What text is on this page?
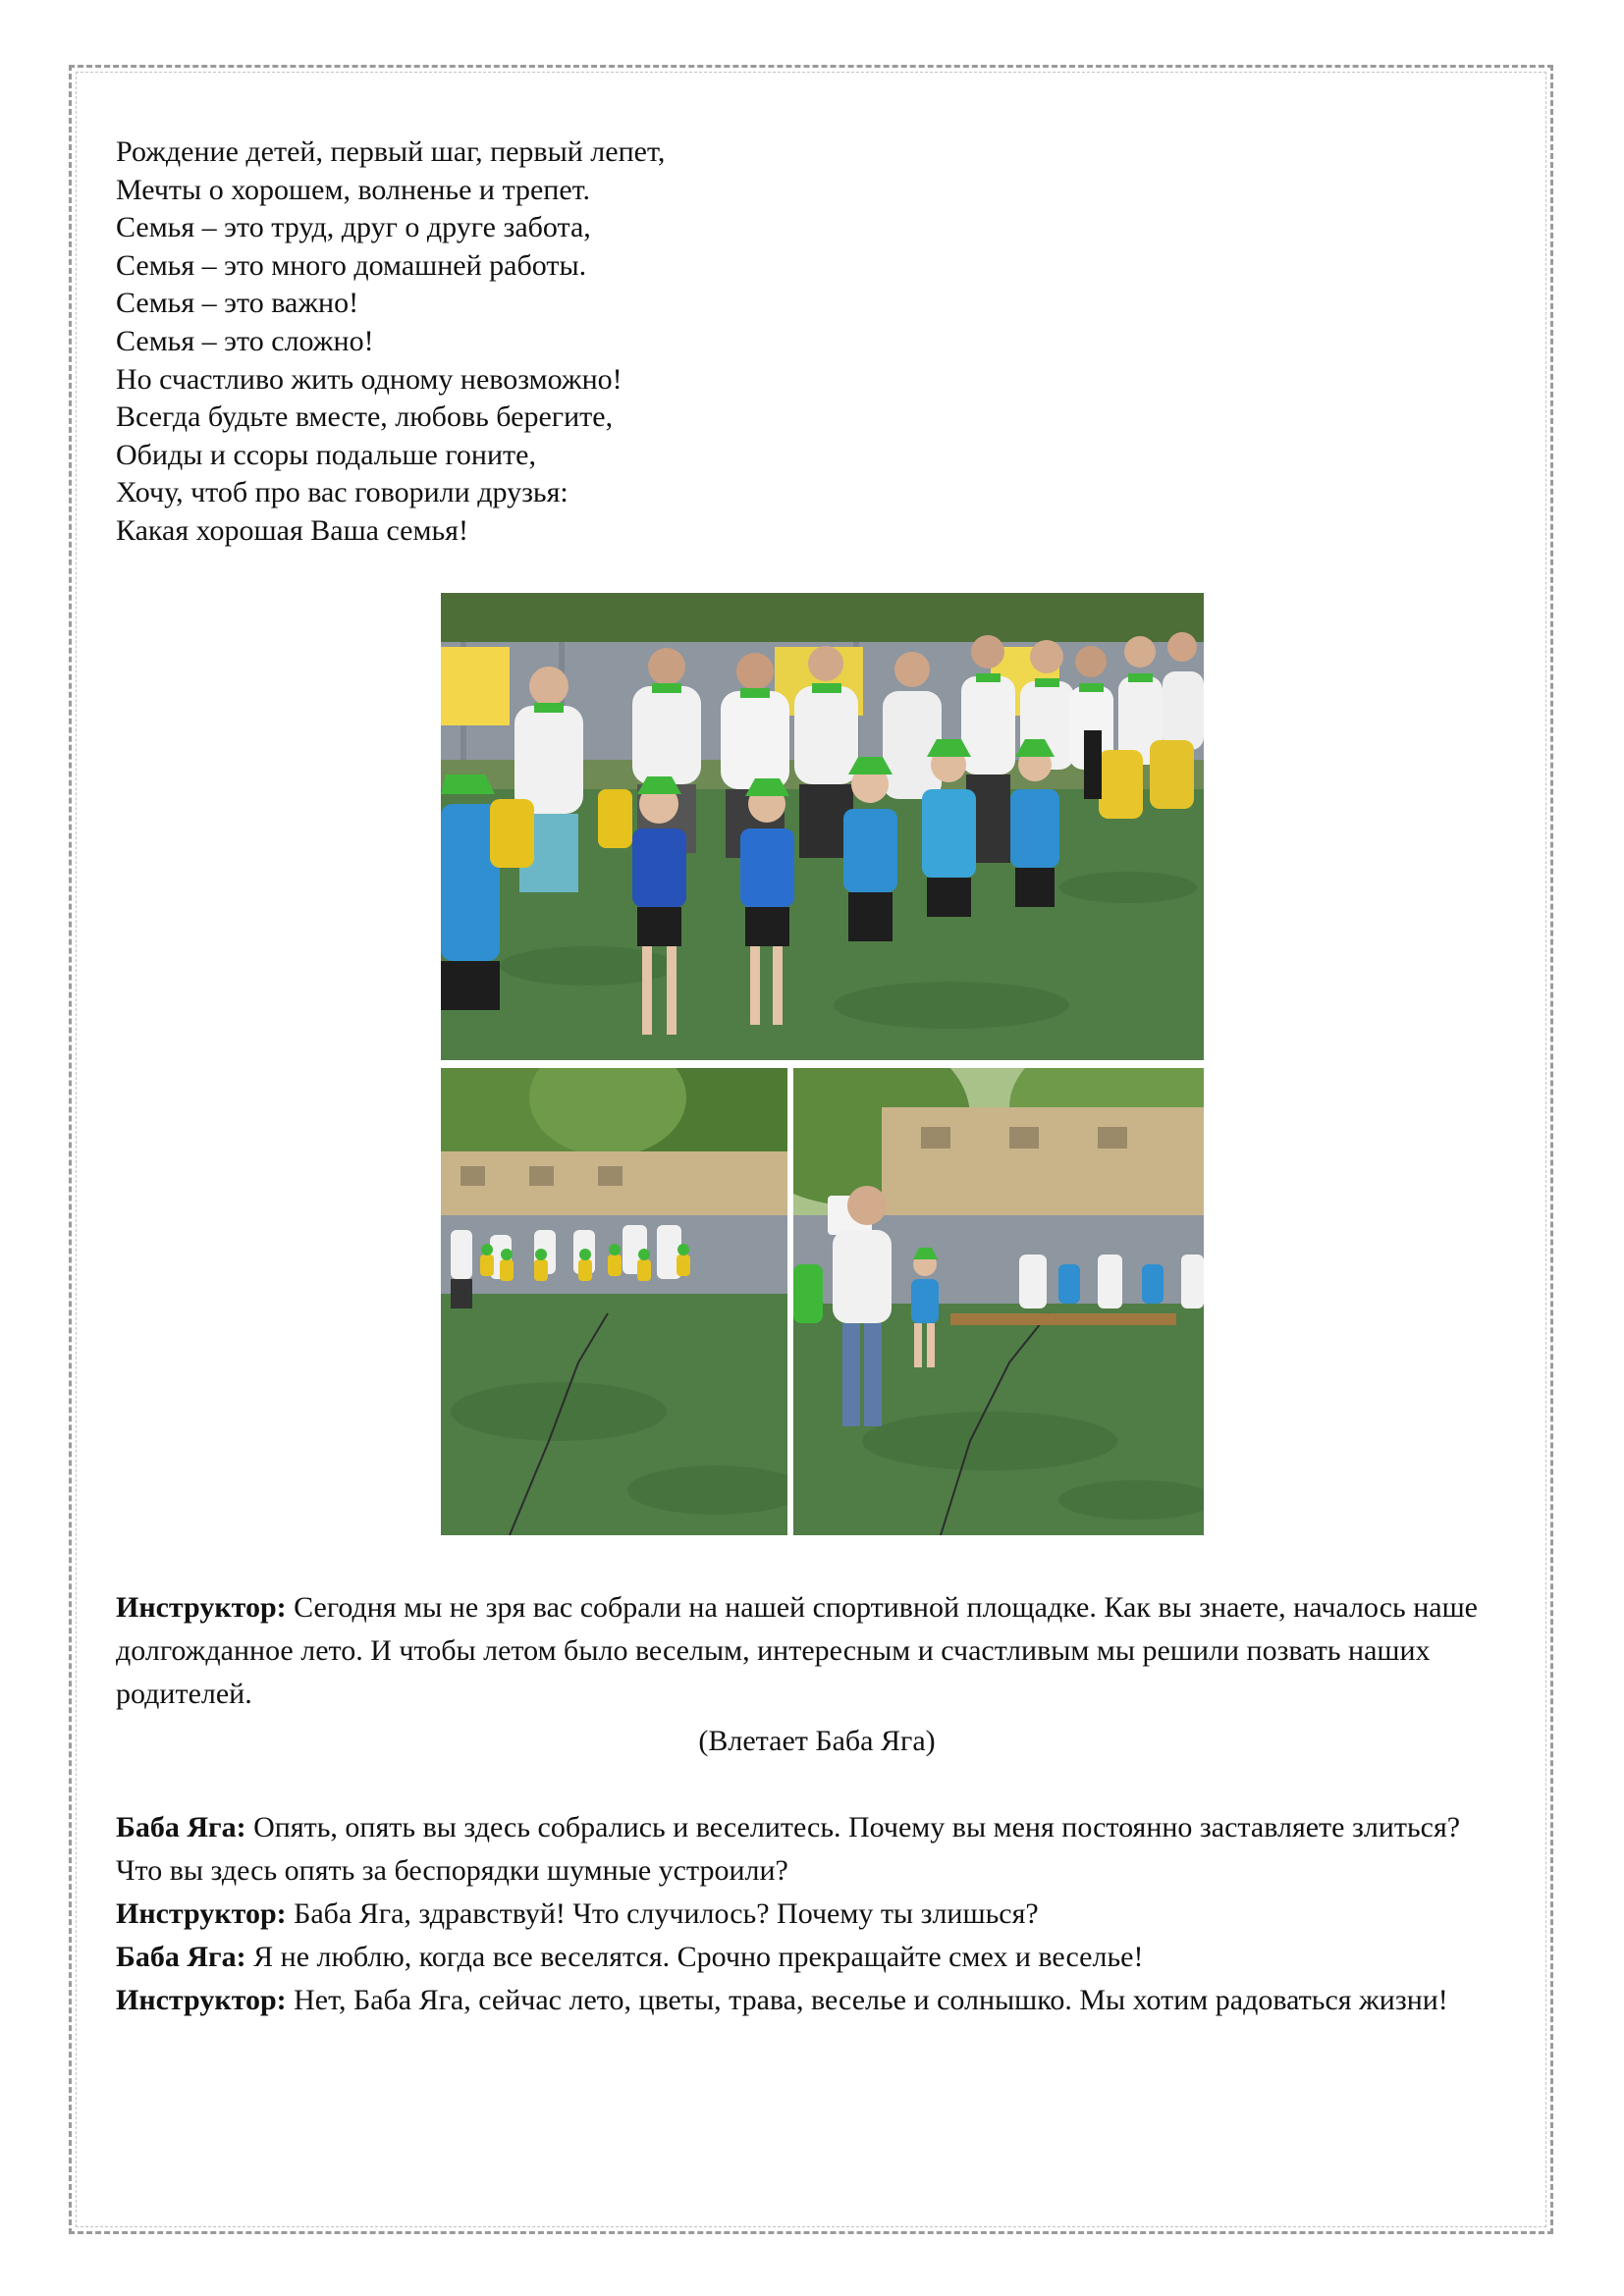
Рождение детей, первый шаг, первый лепет,
Мечты о хорошем, волненье и трепет.
Семья – это труд, друг о друге забота,
Семья – это много домашней работы.
Семья – это важно!
Семья – это сложно!
Но счастливо жить одному невозможно!
Всегда будьте вместе, любовь берегите,
Обиды и ссоры подальше гоните,
Хочу, чтоб про вас говорили друзья:
Какая хорошая Ваша семья!

Инструктор: Сегодня мы не зря вас собрали на нашей спортивной площадке. Как вы знаете, началось наше долгожданное лето. И чтобы летом было веселым, интересным и счастливым мы решили позвать наших родителей.

(Влетает Баба Яга)

Баба Яга: Опять, опять вы здесь собрались и веселитесь. Почему вы меня постоянно заставляете злиться? Что вы здесь опять за беспорядки шумные устроили?

Инструктор: Баба Яга, здравствуй! Что случилось? Почему ты злишься?

Баба Яга: Я не люблю, когда все веселятся. Срочно прекращайте смех и веселье!

Инструктор: Нет, Баба Яга, сейчас лето, цветы, трава, веселье и солнышко. Мы хотим радоваться жизни!
